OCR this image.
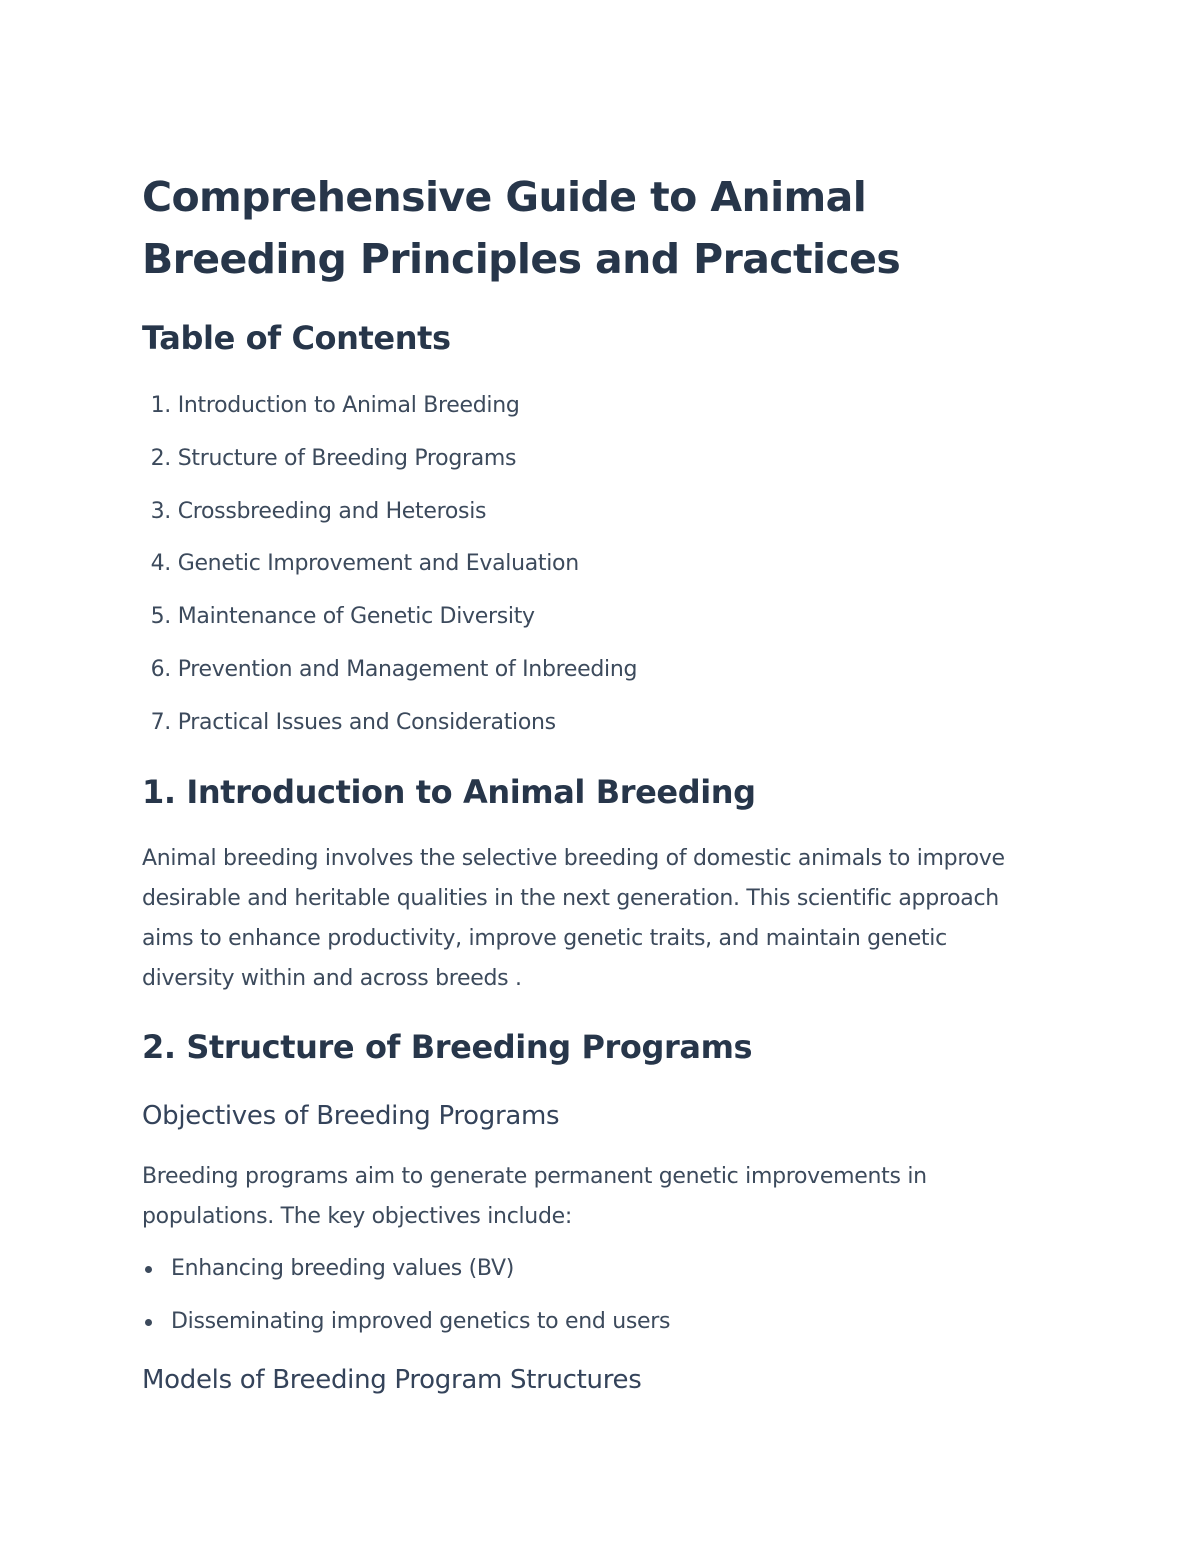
Comprehensive Guide to Animal Breeding Principles and Practices
Table of Contents
1. Introduction to Animal Breeding
2. Structure of Breeding Programs
3. Crossbreeding and Heterosis
4. Genetic Improvement and Evaluation
5. Maintenance of Genetic Diversity
6. Prevention and Management of Inbreeding
7. Practical Issues and Considerations
1. Introduction to Animal Breeding

Animal breeding involves the selective breeding of domestic animals to improve desirable and heritable qualities in the next generation. This scientific approach aims to enhance productivity, improve genetic traits, and maintain genetic diversity within and across breeds .

2. Structure of Breeding Programs
Objectives of Breeding Programs

Breeding programs aim to generate permanent genetic improvements in populations. The key objectives include:

Enhancing breeding values (BV)
Disseminating improved genetics to end users
Models of Breeding Program Structures
